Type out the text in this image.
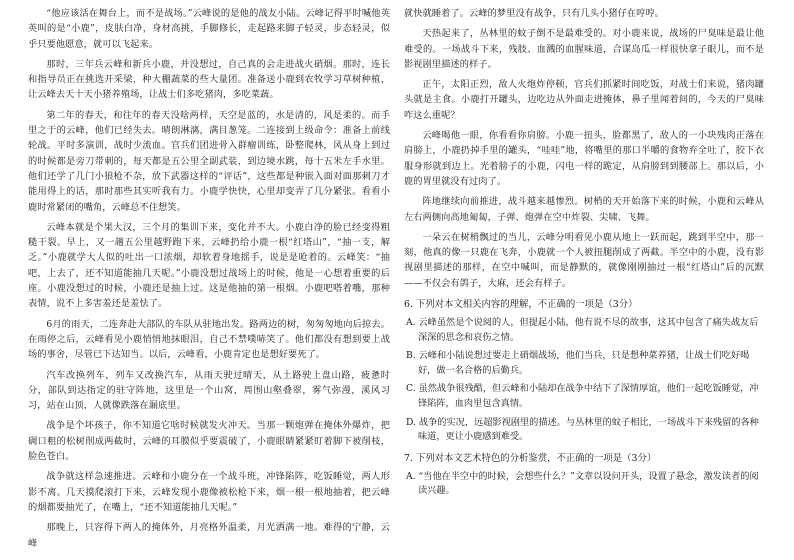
“他应该活在舞台上，而不是战场。”云峰说的是他的战友小陆。云峰记得平时喊他英英叫的是“小鹿”，皮肤白净，身材高挑，手脚修长，走起路来脚子轻灵，步态轻灵，似乎只要他愿意，就可以飞起来。

那时，三年兵云峰和新兵小鹿，并没想过，自己真的会走进战火硝烟。那时，连长和指导员正在挑选开采梁，种大棚蔬菜的些大量团。准备送小鹿到农牧学习草树种植，让云峰去天十天小猪养殖场，让战士们多吃猪肉，多吃菜蔬。

第二年的春天，和往年的春天没啥两样，天空是蓝的，水是清的，风是柔的。而手里之于的云峰，他们已经失去。晴朗淋漓，满目葱笼。二连接到上级命令：准备上前线轮战。平时多演训，战时少流血。官兵们团进骨入群瘤训练，卧整爬林，风从身上到过的时候都是旁刀带刺的，每天都是五公里全副武装，到边境水跳，每十五米左手水里。他们还学了几门小狼枪不杂，放下武器这样的“评话”，这些都是种嵌入面对面那刺刀才能用得上的话，那时那些其实听我有力。小鹿学快快，心里却变弄了几分紧张。看看小鹿时常紧闭的嘴角，云峰总不住想笑。

云峰本就是个果大汉，三个月的集训下来，变化并不大。小鹿白净的脸已经变得粗糙干裂。早上，又一趟五公里越野跑下来，云峰扔给小鹿一根“红塔山”，“抽一支，解乏。”小鹿就学大人似的吐出一口浓烟，却软着身地摇手，说是是呛着的。云峰笑：“抽吧，上去了，还不知道能抽几天呢。”小鹿没想过战场上的时候，他是一心想着重要的后座。小鹿没想过的时候，小鹿还是抽上过。这是他抽的第一根烟。小鹿吧嗒着嘴，那种表情，说不上多害羞还是羞怯了。

6月的雨天，二连奔赴大部队的车队从驻地出发。路两边的树，匆匆匆地向后掠去。在雨停之后，云峰看见小鹿悄悄地抹眼泪，自己不禁噗哧笑了。他们都没有想到要上战场的事舍，尽管已下达知当。以后，云峰看，小鹿肯定也是想好要死了。

汽车改换列车，列车又改换汽车，从雨天驶过晴天，从土路驶上盘山路，疲惫时分，部队到达指定的驻守阵地，这里是一个山窝，周围山壑叠翠，雾气弥漫，溪风习习，站在山顶，人就像跌落在漏底里。

战争是个坏孩子，你不知道它啥时候就发火冲天。当那一颗炮弹在掩体外爆炸，把碉口粗的松树削成两截时，云峰的耳膜似乎要震破了，小鹿眼睛紧紧盯着脚下被削枝，脸色苍白。

战争就这样急速推进。云峰和小鹿分在一个战斗班，冲锋陷阵，吃饭睡觉，两人形影不离。几天摸爬滚打下来，云峰发现小鹿像被松枪下来，烟一根一根地抽着，把云峰的烟都要抽光了，在嘴上，“还不知道能抽几天呢。”

那晚上，只容得下两人的掩体外，月亮格外温柔，月光洒满一地。难得的宁静，云峰

就快就睡着了。云峰的梦里没有战争，只有几头小猪仔在哼哼。

天热起来了，丛林里的蚊子倒不是最难受的。对小鹿来说，战场的尸臭味是最让他难受的。一场战斗下来，残肢、血溅的血腥味道，合谋岛瓜一样很快拿子眼儿，而不是影视剧里描述的样子。

正午，太阳正烈，敌人火炮炸停顿，官兵们抓紧时间吃饭，对战士们来说，猪肉罐头就是主食。小鹿打开罐头，边吃边从外面走进掩体，鼻子里闻着间的，今天的尸臭味咋这么重呢？

云峰喝他一眼，你看看你肩膀。小鹿一扭头，脸都黑了，敌人的一小块残肉正落在肩膀上，小鹿扔掉手里的罐头，“哇哇”地，将嘴里的那口半嚼的食物弃全吐了，胶下衣服身形就到边上。光着膀子的小鹿，闪电一样的跪定，从肩膀到到腰部上。那以后，小鹿的胃里就没有过肉了。

阵地继续向前推进，战斗越来越惨烈。树梢的天开始落下来的时候，小鹿和云峰从左右两侧向高地匍匐，子弹、炮弹在空中炸裂、尖啸、飞舞。

一朵云在树梢飘过的当儿，云峰分明看见小鹿从地上一跃而起，跳到半空中，那一刻，他真的像一只鹿在飞奔，小鹿就一个人被扭腿削成了两截。半空中的小鹿，没有影视剧里描述的那样，在空中喊叫，而是静默的，就像刚刚抽过一根“红塔山”后的沉默——不仅会有鸽子，大麻，还会有样子。

6. 下列对本文相关内容的理解，不正确的一项是（3分）
A. 云峰虽然是个说阅的人，但提起小陆，他有说不尽的故事，这其中包含了痛失战友后深深的思念和哀伤之情。
B. 云峰和小陆说想过要走上硝烟战场，他们当兵，只是想种菜养猪，让战士们吃好喝好，做一名合格的后勤兵。
C. 虽然战争很残酷，但云峰和小陆却在战争中结下了深情厚谊，他们一起吃饭睡觉，冲锋陷阵，血肉里包含真情。
D. 战争的实况，远超影视剧里的描述。与丛林里的蚊子相比，一场战斗下来残留的各种味道，更让小鹿感到难受。
7. 下列对本文艺术特色的分析鉴赏，不正确的一项是（3分）
A. “当他在半空中的时候，会想些什么？”文章以设问开头，设置了悬念，激发读者的阅读兴趣。
